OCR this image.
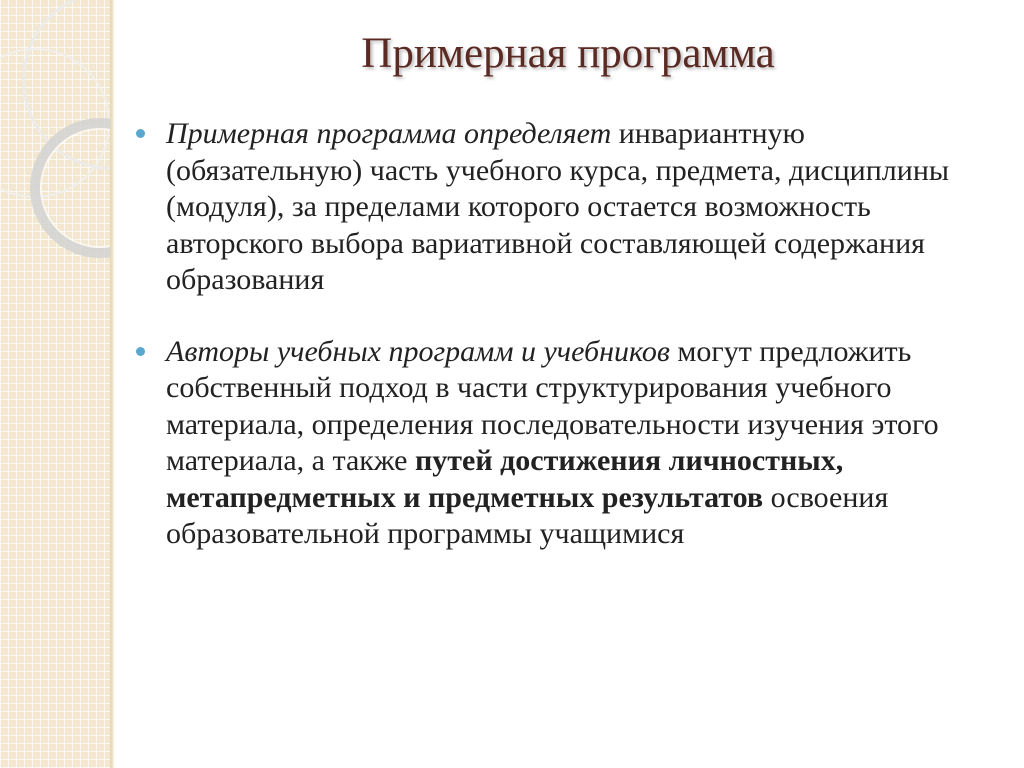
Примерная программа
Примерная программа определяет инвариантную (обязательную) часть учебного курса, предмета, дисциплины (модуля), за пределами которого остается возможность авторского выбора вариативной составляющей содержания образования
Авторы учебных программ и учебников могут предложить собственный подход в части структурирования учебного материала, определения последовательности изучения этого материала, а также путей достижения личностных, метапредметных и предметных результатов освоения образовательной программы учащимися
